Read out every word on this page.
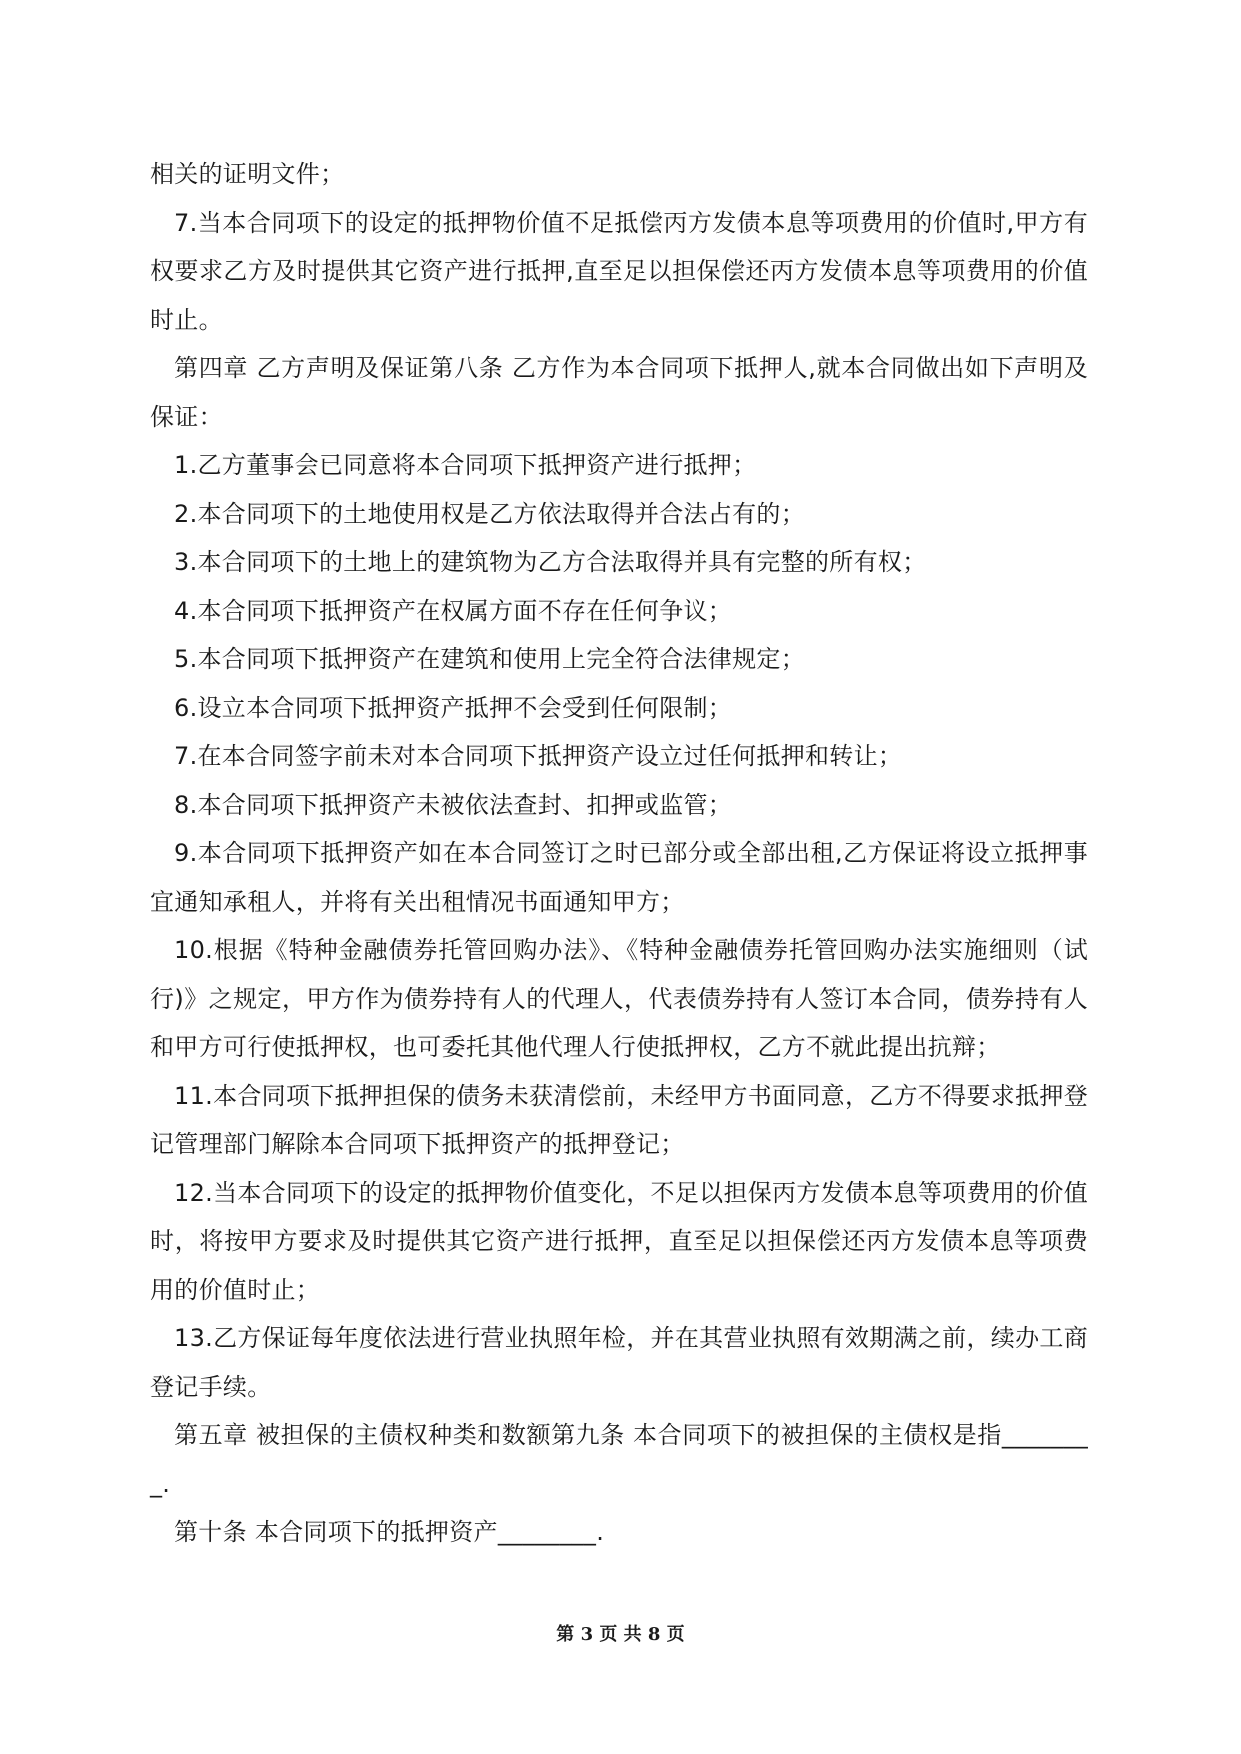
相关的证明文件；

7.当本合同项下的设定的抵押物价值不足抵偿丙方发债本息等项费用的价值时,甲方有权要求乙方及时提供其它资产进行抵押,直至足以担保偿还丙方发债本息等项费用的价值时止。

第四章 乙方声明及保证第八条 乙方作为本合同项下抵押人,就本合同做出如下声明及保证：

1.乙方董事会已同意将本合同项下抵押资产进行抵押；

2.本合同项下的土地使用权是乙方依法取得并合法占有的；

3.本合同项下的土地上的建筑物为乙方合法取得并具有完整的所有权；

4.本合同项下抵押资产在权属方面不存在任何争议；

5.本合同项下抵押资产在建筑和使用上完全符合法律规定；

6.设立本合同项下抵押资产抵押不会受到任何限制；

7.在本合同签字前未对本合同项下抵押资产设立过任何抵押和转让；

8.本合同项下抵押资产未被依法查封、扣押或监管；

9.本合同项下抵押资产如在本合同签订之时已部分或全部出租,乙方保证将设立抵押事宜通知承租人，并将有关出租情况书面通知甲方；

10.根据《特种金融债券托管回购办法》、《特种金融债券托管回购办法实施细则（试行)》之规定，甲方作为债券持有人的代理人，代表债券持有人签订本合同，债券持有人和甲方可行使抵押权，也可委托其他代理人行使抵押权，乙方不就此提出抗辩；

11.本合同项下抵押担保的债务未获清偿前，未经甲方书面同意，乙方不得要求抵押登记管理部门解除本合同项下抵押资产的抵押登记；

12.当本合同项下的设定的抵押物价值变化，不足以担保丙方发债本息等项费用的价值时，将按甲方要求及时提供其它资产进行抵押，直至足以担保偿还丙方发债本息等项费用的价值时止；

13.乙方保证每年度依法进行营业执照年检，并在其营业执照有效期满之前，续办工商登记手续。

第五章 被担保的主债权种类和数额第九条 本合同项下的被担保的主债权是指________.

第十条 本合同项下的抵押资产________.

第 3 页 共 8 页
